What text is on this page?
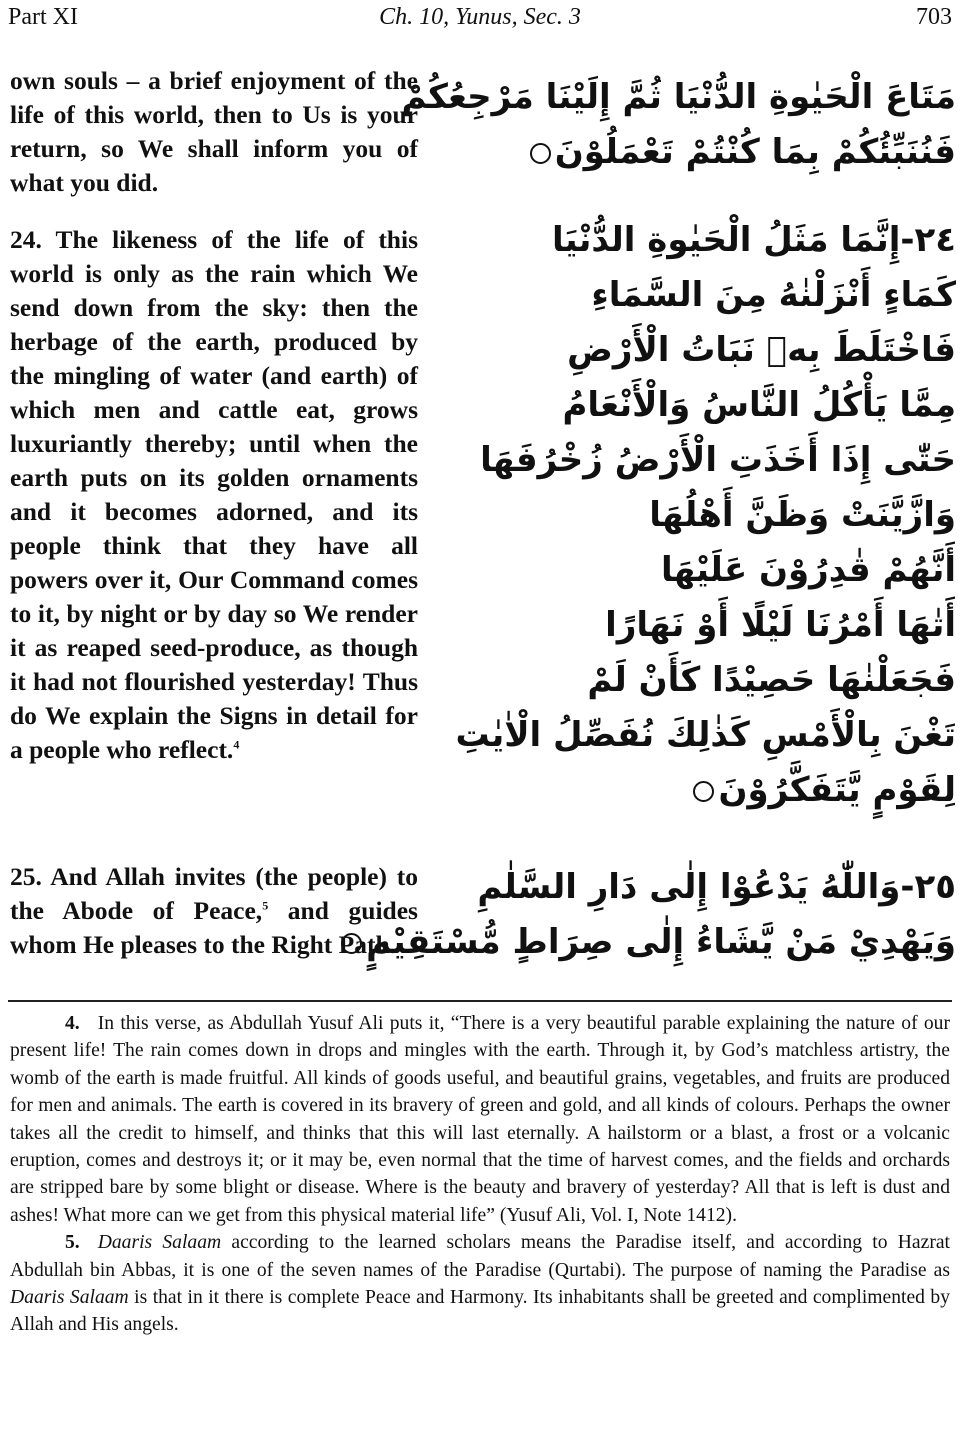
Part XI	Ch. 10, Yunus, Sec. 3	703

own souls – a brief enjoyment of the life of this world, then to Us is your return, so We shall inform you of what you did.

24. The likeness of the life of this world is only as the rain which We send down from the sky: then the herbage of the earth, produced by the mingling of water (and earth) of which men and cattle eat, grows luxuriantly thereby; until when the earth puts on its golden ornaments and it becomes adorned, and its people think that they have all powers over it, Our Command comes to it, by night or by day so We render it as reaped seed-produce, as though it had not flourished yesterday! Thus do We explain the Signs in detail for a people who reflect.$^4$

25. And Allah invites (the people) to the Abode of Peace,$^5$ and guides whom He pleases to the Right Path.

مَتَاعَ الْحَيٰوةِ الدُّنْيَا ثُمَّ إِلَيْنَا مَرْجِعُكُمْ
فَنُنَبِّئُكُمْ بِمَا كُنْتُمْ تَعْمَلُوْنَ
٢٤-إِنَّمَا مَثَلُ الْحَيٰوةِ الدُّنْيَا
كَمَاءٍ أَنْزَلْنٰهُ مِنَ السَّمَاءِ
فَاخْتَلَطَ بِهٖ نَبَاتُ الْأَرْضِ
مِمَّا يَأْكُلُ النَّاسُ وَالْأَنْعَامُ
حَتّٰى إِذَا أَخَذَتِ الْأَرْضُ زُخْرُفَهَا
وَازَّيَّنَتْ وَظَنَّ أَهْلُهَا
أَنَّهُمْ قٰدِرُوْنَ عَلَيْهَا
أَتٰهَا أَمْرُنَا لَيْلًا أَوْ نَهَارًا
فَجَعَلْنٰهَا حَصِيْدًا كَأَنْ لَمْ
تَغْنَ بِالْأَمْسِ كَذٰلِكَ نُفَصِّلُ الْاٰيٰتِ
لِقَوْمٍ يَّتَفَكَّرُوْنَ
٢٥-وَاللّٰهُ يَدْعُوْا إِلٰى دَارِ السَّلٰمِ
وَيَهْدِيْ مَنْ يَّشَاءُ إِلٰى صِرَاطٍ مُّسْتَقِيْمٍ

4. In this verse, as Abdullah Yusuf Ali puts it, “There is a very beautiful parable explaining the nature of our present life! The rain comes down in drops and mingles with the earth. Through it, by God’s matchless artistry, the womb of the earth is made fruitful. All kinds of goods useful, and beautiful grains, vegetables, and fruits are produced for men and animals. The earth is covered in its bravery of green and gold, and all kinds of colours. Perhaps the owner takes all the credit to himself, and thinks that this will last eternally. A hailstorm or a blast, a frost or a volcanic eruption, comes and destroys it; or it may be, even normal that the time of harvest comes, and the fields and orchards are stripped bare by some blight or disease. Where is the beauty and bravery of yesterday? All that is left is dust and ashes! What more can we get from this physical material life” (Yusuf Ali, Vol. I, Note 1412).

5. Daaris Salaam according to the learned scholars means the Paradise itself, and according to Hazrat Abdullah bin Abbas, it is one of the seven names of the Paradise (Qurtabi). The purpose of naming the Paradise as Daaris Salaam is that in it there is complete Peace and Harmony. Its inhabitants shall be greeted and complimented by Allah and His angels.
